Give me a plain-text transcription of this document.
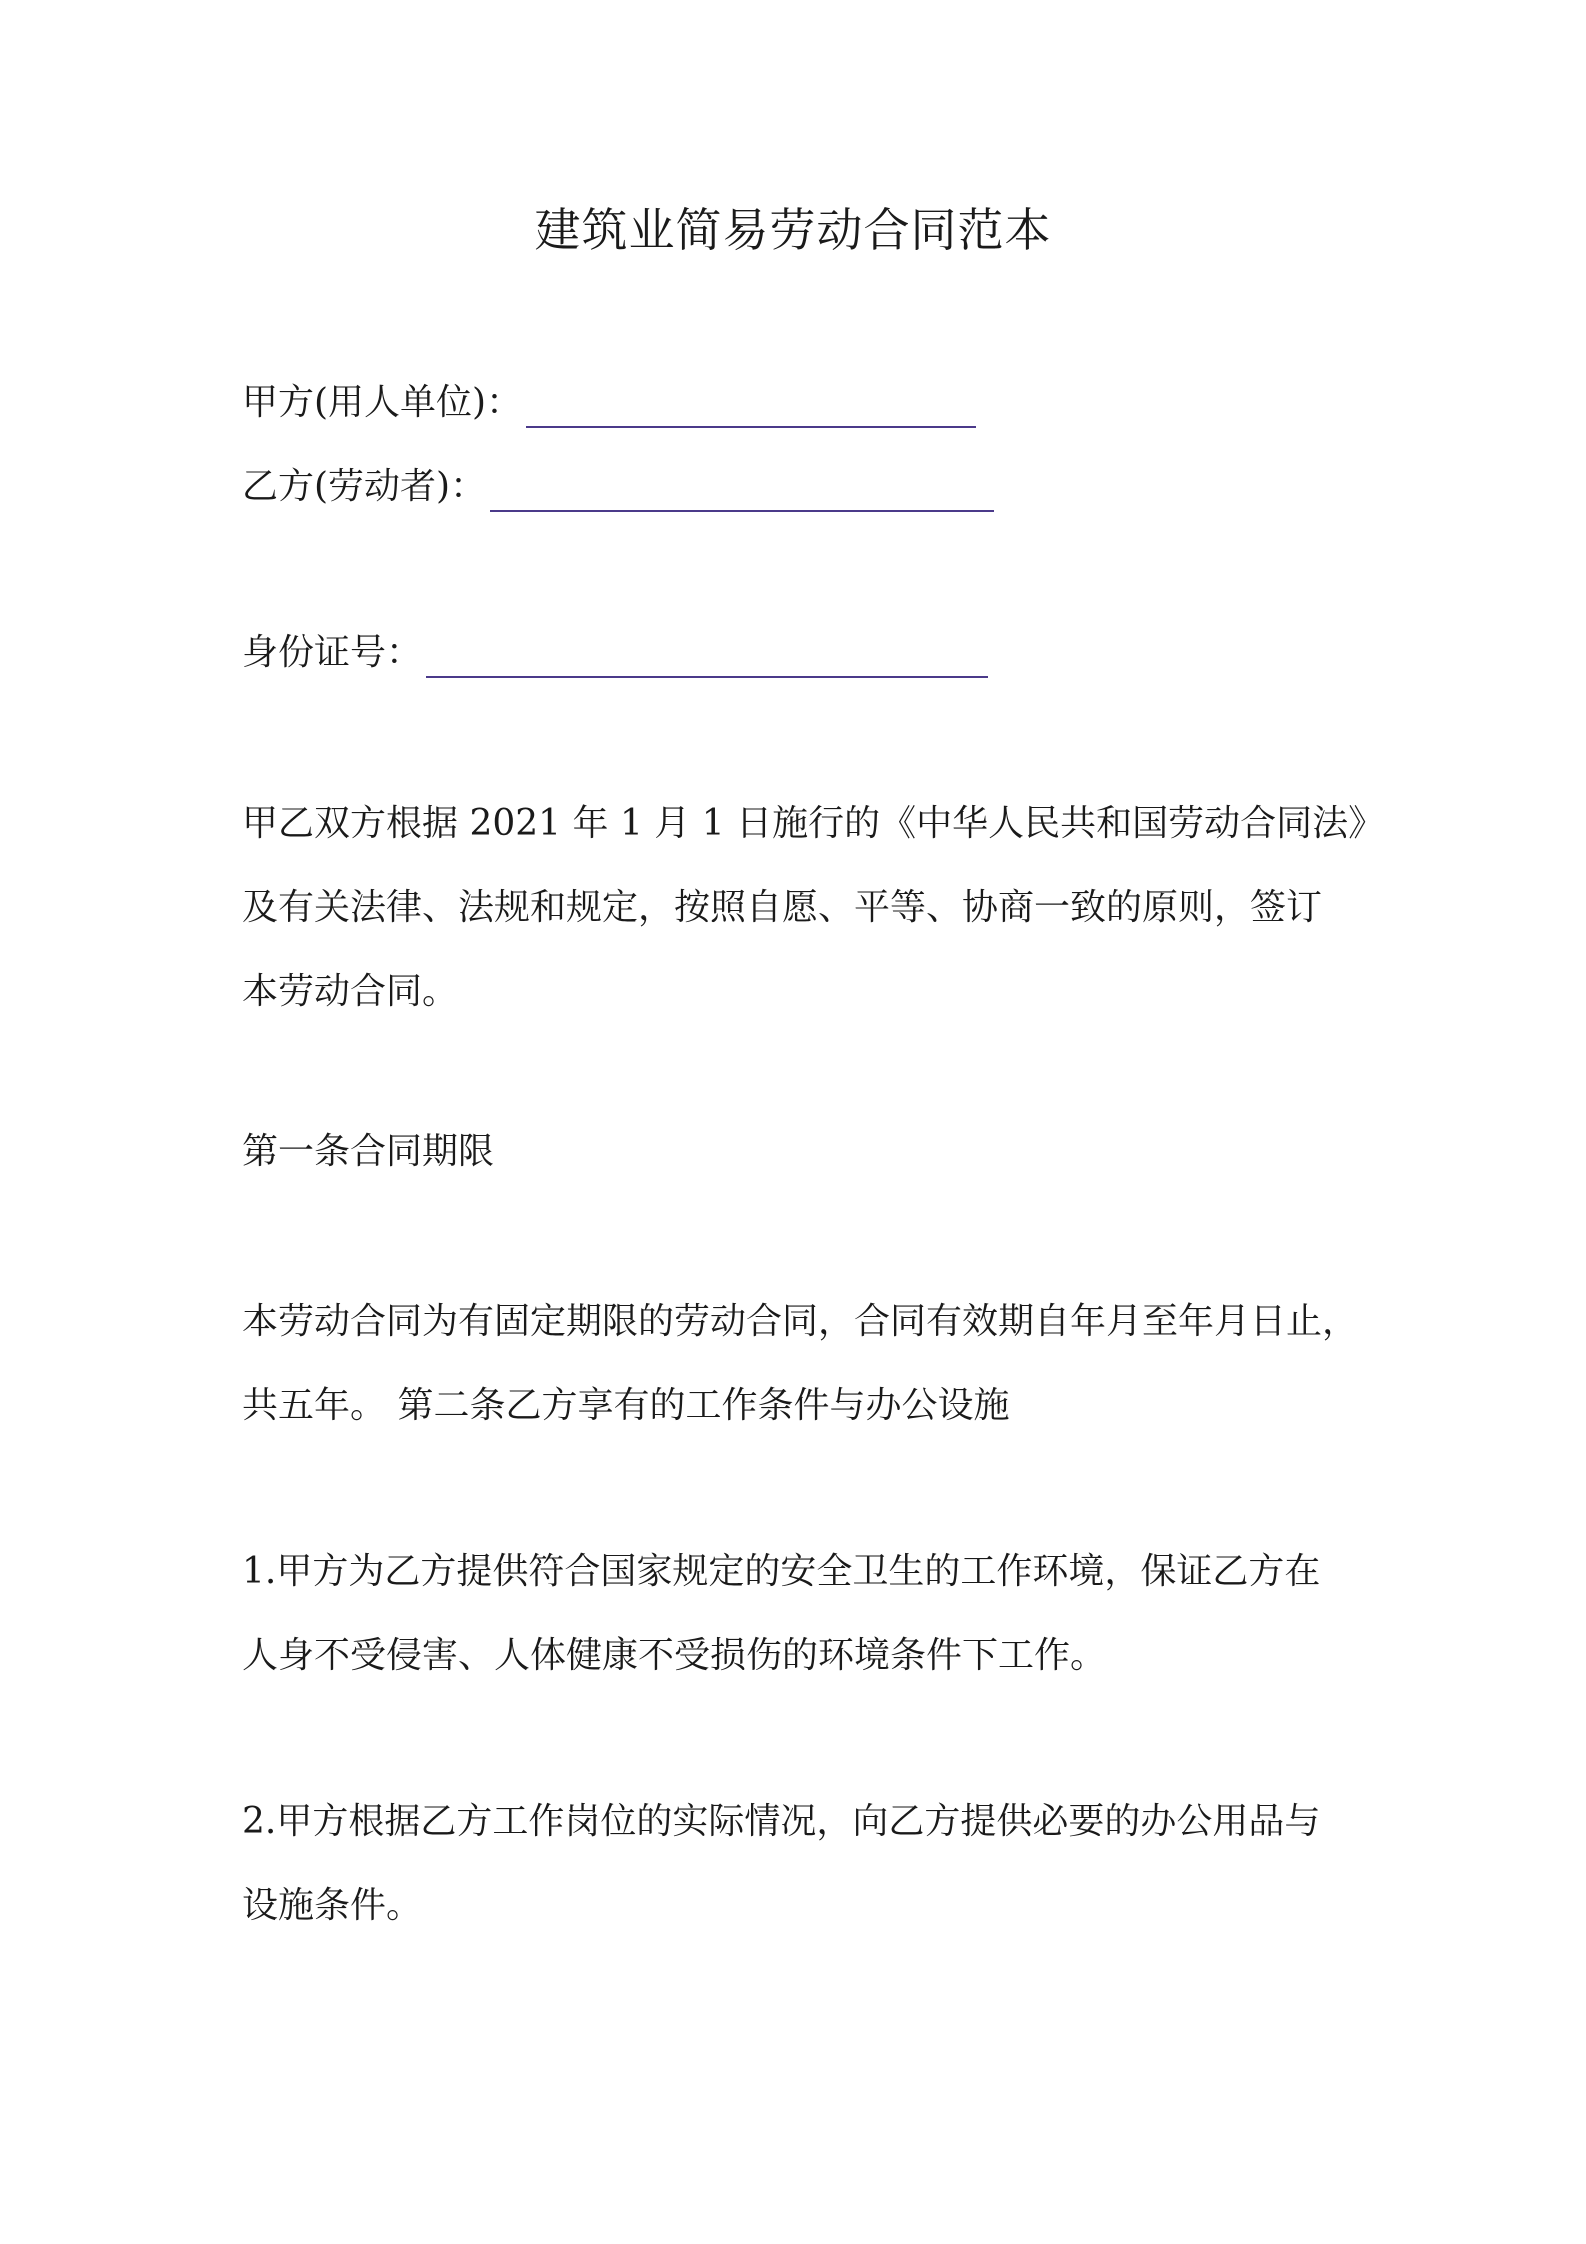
建筑业简易劳动合同范本
甲方(用人单位)：
乙方(劳动者)：
身份证号：
甲乙双方根据 2021 年 1 月 1 日施行的《中华人民共和国劳动合同法》
及有关法律、法规和规定，按照自愿、平等、协商一致的原则，签订
本劳动合同。
第一条合同期限
本劳动合同为有固定期限的劳动合同，合同有效期自年月至年月日止，
共五年。 第二条乙方享有的工作条件与办公设施
1.甲方为乙方提供符合国家规定的安全卫生的工作环境，保证乙方在
人身不受侵害、人体健康不受损伤的环境条件下工作。
2.甲方根据乙方工作岗位的实际情况，向乙方提供必要的办公用品与
设施条件。
